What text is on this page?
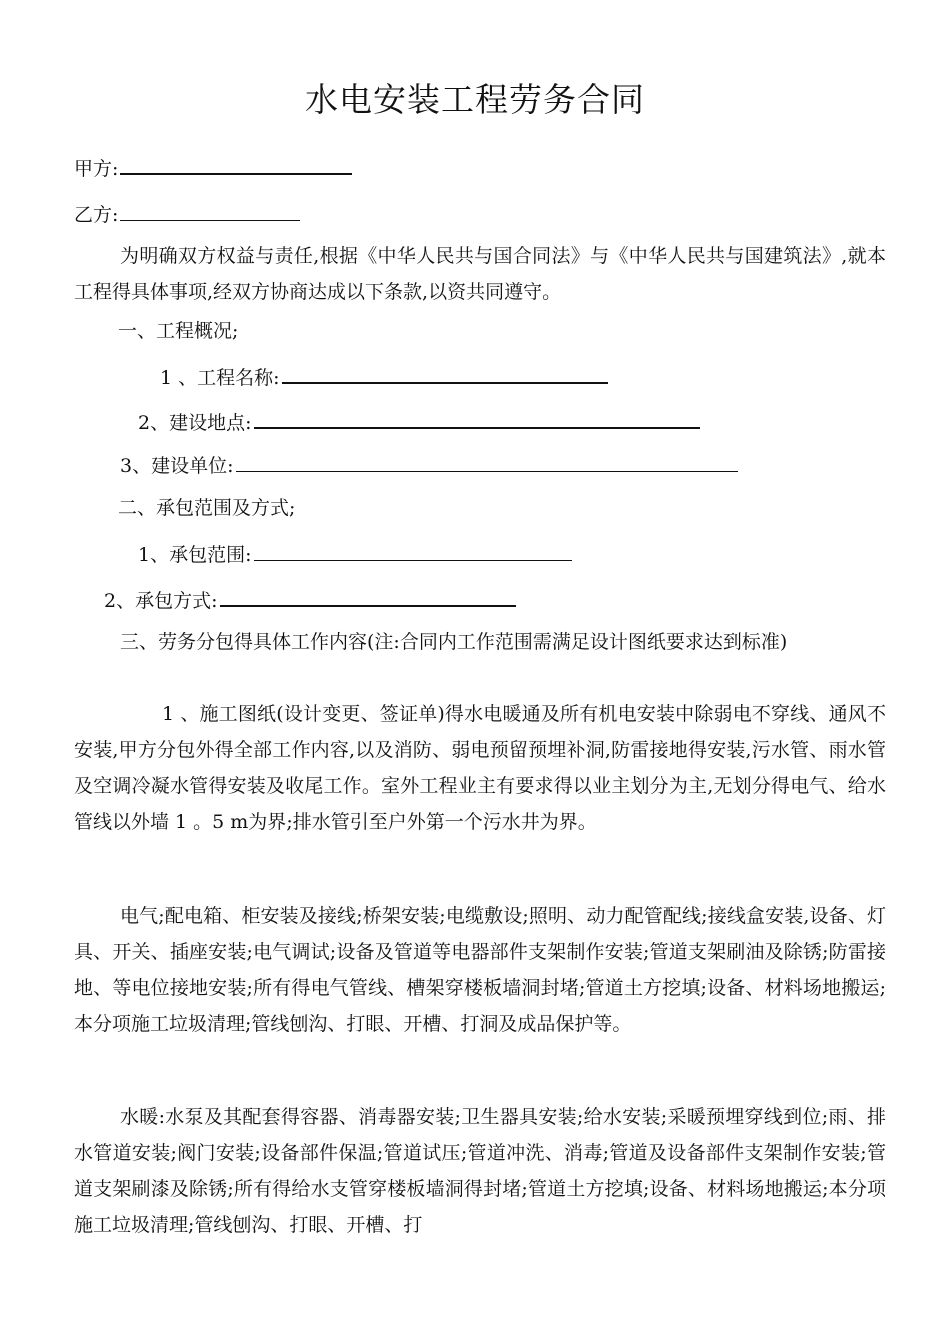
水电安装工程劳务合同
甲方:
乙方:
为明确双方权益与责任,根据《中华人民共与国合同法》与《中华人民共与国建筑法》,就本工程得具体事项,经双方协商达成以下条款,以资共同遵守。
一、工程概况;
1 、工程名称:
2、建设地点:
3、建设单位:
二、承包范围及方式;
1、承包范围:
2、承包方式:
三、劳务分包得具体工作内容(注:合同内工作范围需满足设计图纸要求达到标准)
1 、施工图纸(设计变更、签证单)得水电暖通及所有机电安装中除弱电不穿线、通风不安装,甲方分包外得全部工作内容,以及消防、弱电预留预埋补洞,防雷接地得安装,污水管、雨水管及空调冷凝水管得安装及收尾工作。室外工程业主有要求得以业主划分为主,无划分得电气、给水管线以外墙 1 。5 m为界;排水管引至户外第一个污水井为界。
电气;配电箱、柜安装及接线;桥架安装;电缆敷设;照明、动力配管配线;接线盒安装,设备、灯具、开关、插座安装;电气调试;设备及管道等电器部件支架制作安装;管道支架刷油及除锈;防雷接地、等电位接地安装;所有得电气管线、槽架穿楼板墙洞封堵;管道土方挖填;设备、材料场地搬运;本分项施工垃圾清理;管线刨沟、打眼、开槽、打洞及成品保护等。
水暖:水泵及其配套得容器、消毒器安装;卫生器具安装;给水安装;采暖预埋穿线到位;雨、排水管道安装;阀门安装;设备部件保温;管道试压;管道冲洗、消毒;管道及设备部件支架制作安装;管道支架刷漆及除锈;所有得给水支管穿楼板墙洞得封堵;管道土方挖填;设备、材料场地搬运;本分项施工垃圾清理;管线刨沟、打眼、开槽、打
